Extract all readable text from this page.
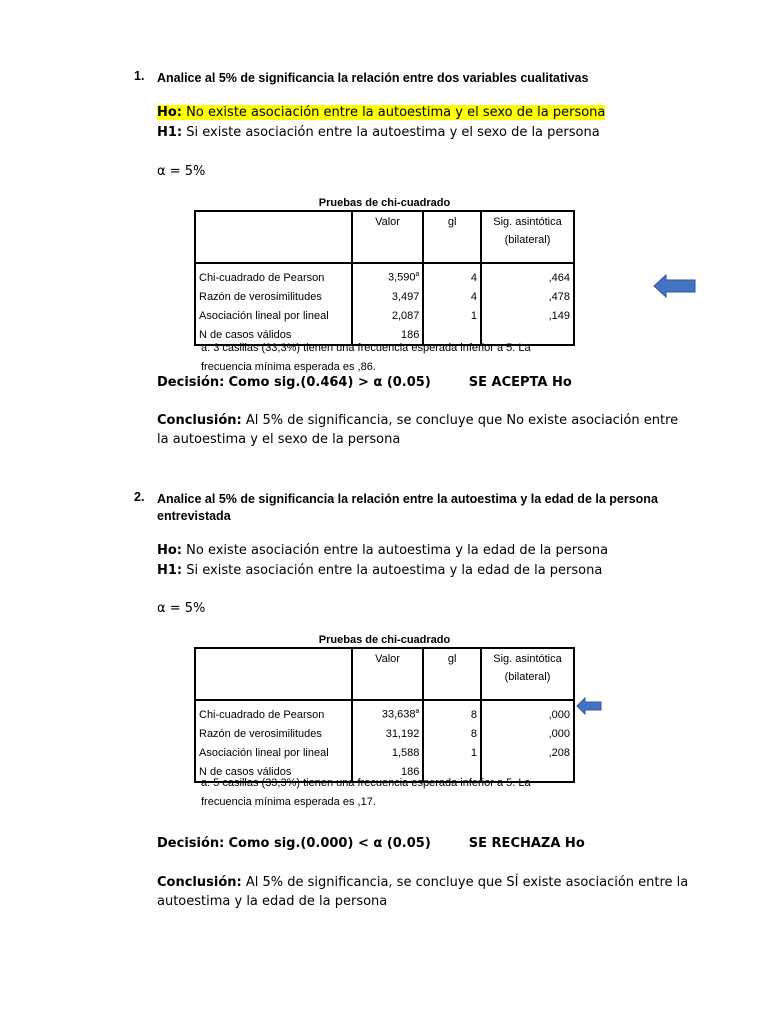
1. Analice al 5% de significancia la relación entre dos variables cualitativas
Ho: No existe asociación entre la autoestima y el sexo de la persona
H1: Si existe asociación entre la autoestima y el sexo de la persona
α = 5%
Pruebas de chi-cuadrado
	Valor	gl	Sig. asintótica
(bilateral)

Chi-cuadrado de Pearson	3,590$^a$	4	,464
Razón de verosimilitudes	3,497	4	,478
Asociación lineal por lineal	2,087	1	,149
N de casos válidos	186		
a. 3 casillas (33,3%) tienen una frecuencia esperada inferior a 5. La
frecuencia mínima esperada es ,86.
Decisión: Como sig.(0.464) > α (0.05)	SE ACEPTA Ho
Conclusión: Al 5% de significancia, se concluye que No existe asociación entre
la autoestima y el sexo de la persona
2. Analice al 5% de significancia la relación entre la autoestima y la edad de la persona
entrevistada
Ho: No existe asociación entre la autoestima y la edad de la persona
H1: Si existe asociación entre la autoestima y la edad de la persona
α = 5%
Pruebas de chi-cuadrado
	Valor	gl	Sig. asintótica
(bilateral)

Chi-cuadrado de Pearson	33,638$^a$	8	,000
Razón de verosimilitudes	31,192	8	,000
Asociación lineal por lineal	1,588	1	,208
N de casos válidos	186		
a. 5 casillas (33,3%) tienen una frecuencia esperada inferior a 5. La
frecuencia mínima esperada es ,17.
Decisión: Como sig.(0.000) < α (0.05)	SE RECHAZA Ho
Conclusión: Al 5% de significancia, se concluye que SÍ existe asociación entre la
autoestima y la edad de la persona
